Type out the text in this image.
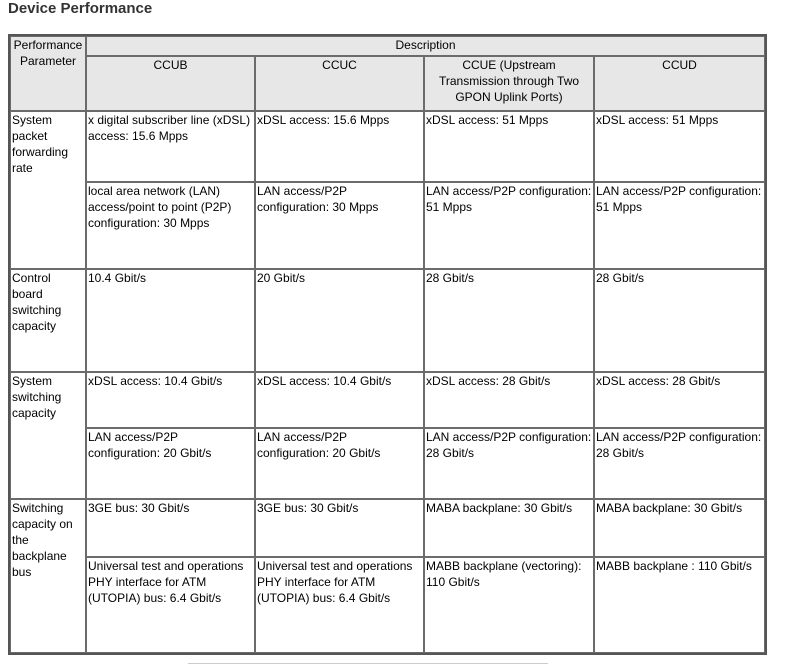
Device Performance
Performance Parameter	Description			
	CCUB	CCUC	CCUE (Upstream Transmission through Two GPON Uplink Ports)	CCUD
System packet forwarding rate	x digital subscriber line (xDSL) access: 15.6 Mpps	xDSL access: 15.6 Mpps	xDSL access: 51 Mpps	xDSL access: 51 Mpps
	local area network (LAN) access/point to point (P2P) configuration: 30 Mpps	LAN access/P2P configuration: 30 Mpps	LAN access/P2P configuration: 51 Mpps	LAN access/P2P configuration: 51 Mpps
Control board switching capacity	10.4 Gbit/s	20 Gbit/s	28 Gbit/s	28 Gbit/s
System switching capacity	xDSL access: 10.4 Gbit/s	xDSL access: 10.4 Gbit/s	xDSL access: 28 Gbit/s	xDSL access: 28 Gbit/s
	LAN access/P2P configuration: 20 Gbit/s	LAN access/P2P configuration: 20 Gbit/s	LAN access/P2P configuration: 28 Gbit/s	LAN access/P2P configuration: 28 Gbit/s
Switching capacity on the backplane bus	3GE bus: 30 Gbit/s	3GE bus: 30 Gbit/s	MABA backplane: 30 Gbit/s	MABA backplane: 30 Gbit/s
	Universal test and operations PHY interface for ATM (UTOPIA) bus: 6.4 Gbit/s	Universal test and operations PHY interface for ATM (UTOPIA) bus: 6.4 Gbit/s	MABB backplane (vectoring): 110 Gbit/s	MABB backplane : 110 Gbit/s
